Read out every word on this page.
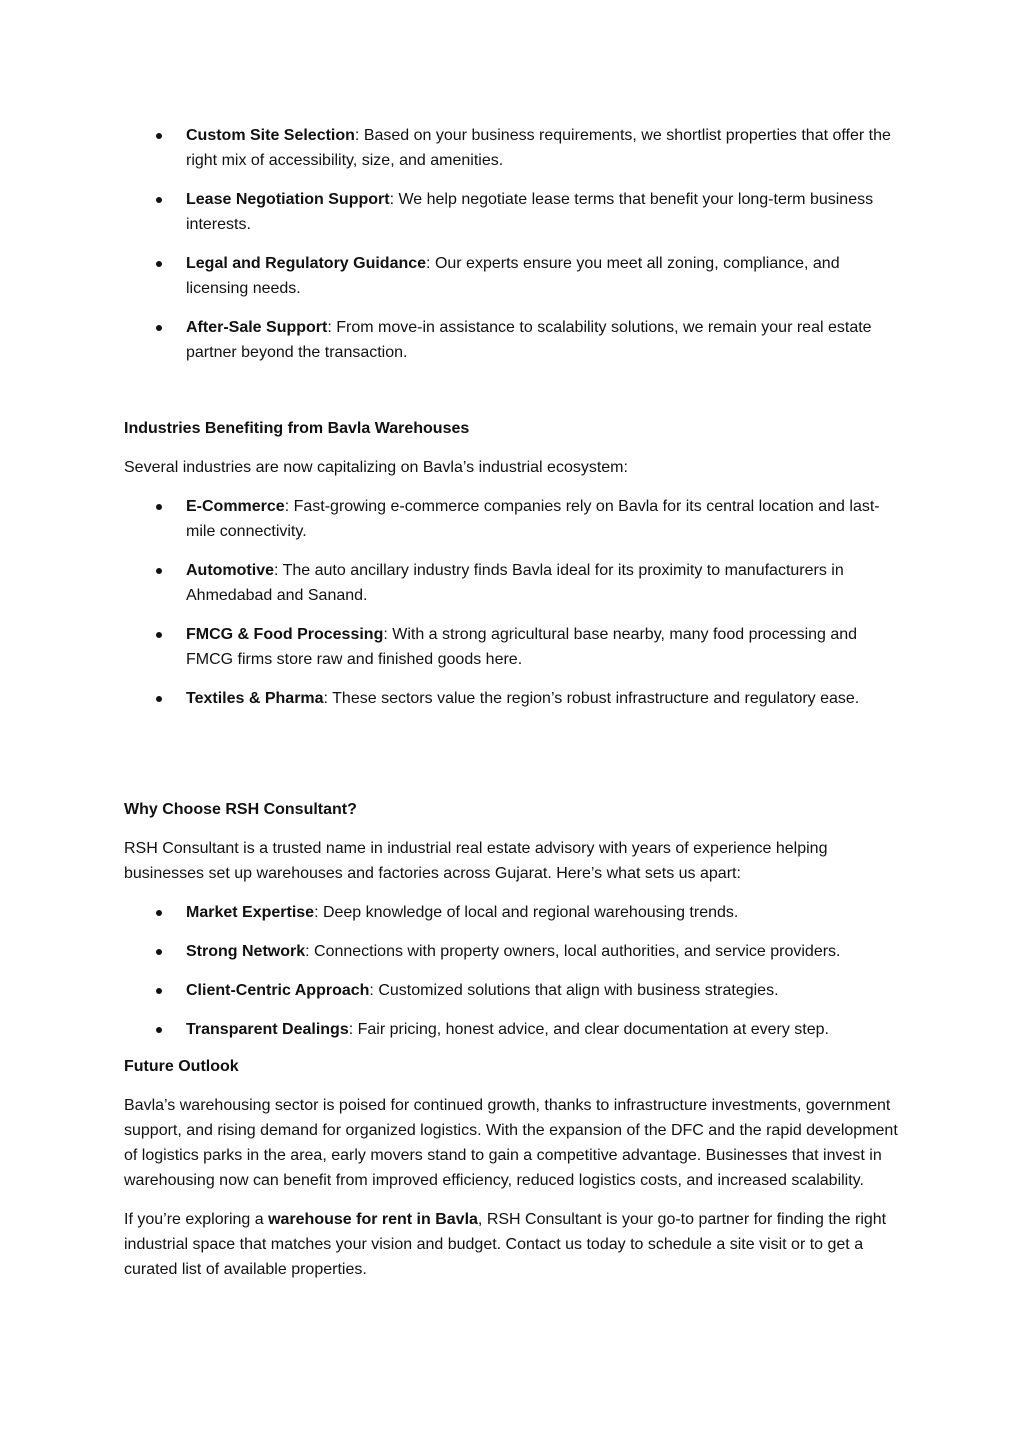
Custom Site Selection: Based on your business requirements, we shortlist properties that offer the right mix of accessibility, size, and amenities.
Lease Negotiation Support: We help negotiate lease terms that benefit your long-term business interests.
Legal and Regulatory Guidance: Our experts ensure you meet all zoning, compliance, and licensing needs.
After-Sale Support: From move-in assistance to scalability solutions, we remain your real estate partner beyond the transaction.
Industries Benefiting from Bavla Warehouses

Several industries are now capitalizing on Bavla’s industrial ecosystem:

E-Commerce: Fast-growing e-commerce companies rely on Bavla for its central location and last-mile connectivity.
Automotive: The auto ancillary industry finds Bavla ideal for its proximity to manufacturers in Ahmedabad and Sanand.
FMCG & Food Processing: With a strong agricultural base nearby, many food processing and FMCG firms store raw and finished goods here.
Textiles & Pharma: These sectors value the region’s robust infrastructure and regulatory ease.
Why Choose RSH Consultant?

RSH Consultant is a trusted name in industrial real estate advisory with years of experience helping businesses set up warehouses and factories across Gujarat. Here’s what sets us apart:

Market Expertise: Deep knowledge of local and regional warehousing trends.
Strong Network: Connections with property owners, local authorities, and service providers.
Client-Centric Approach: Customized solutions that align with business strategies.
Transparent Dealings: Fair pricing, honest advice, and clear documentation at every step.
Future Outlook

Bavla’s warehousing sector is poised for continued growth, thanks to infrastructure investments, government support, and rising demand for organized logistics. With the expansion of the DFC and the rapid development of logistics parks in the area, early movers stand to gain a competitive advantage. Businesses that invest in warehousing now can benefit from improved efficiency, reduced logistics costs, and increased scalability.

If you’re exploring a warehouse for rent in Bavla, RSH Consultant is your go-to partner for finding the right industrial space that matches your vision and budget. Contact us today to schedule a site visit or to get a curated list of available properties.
